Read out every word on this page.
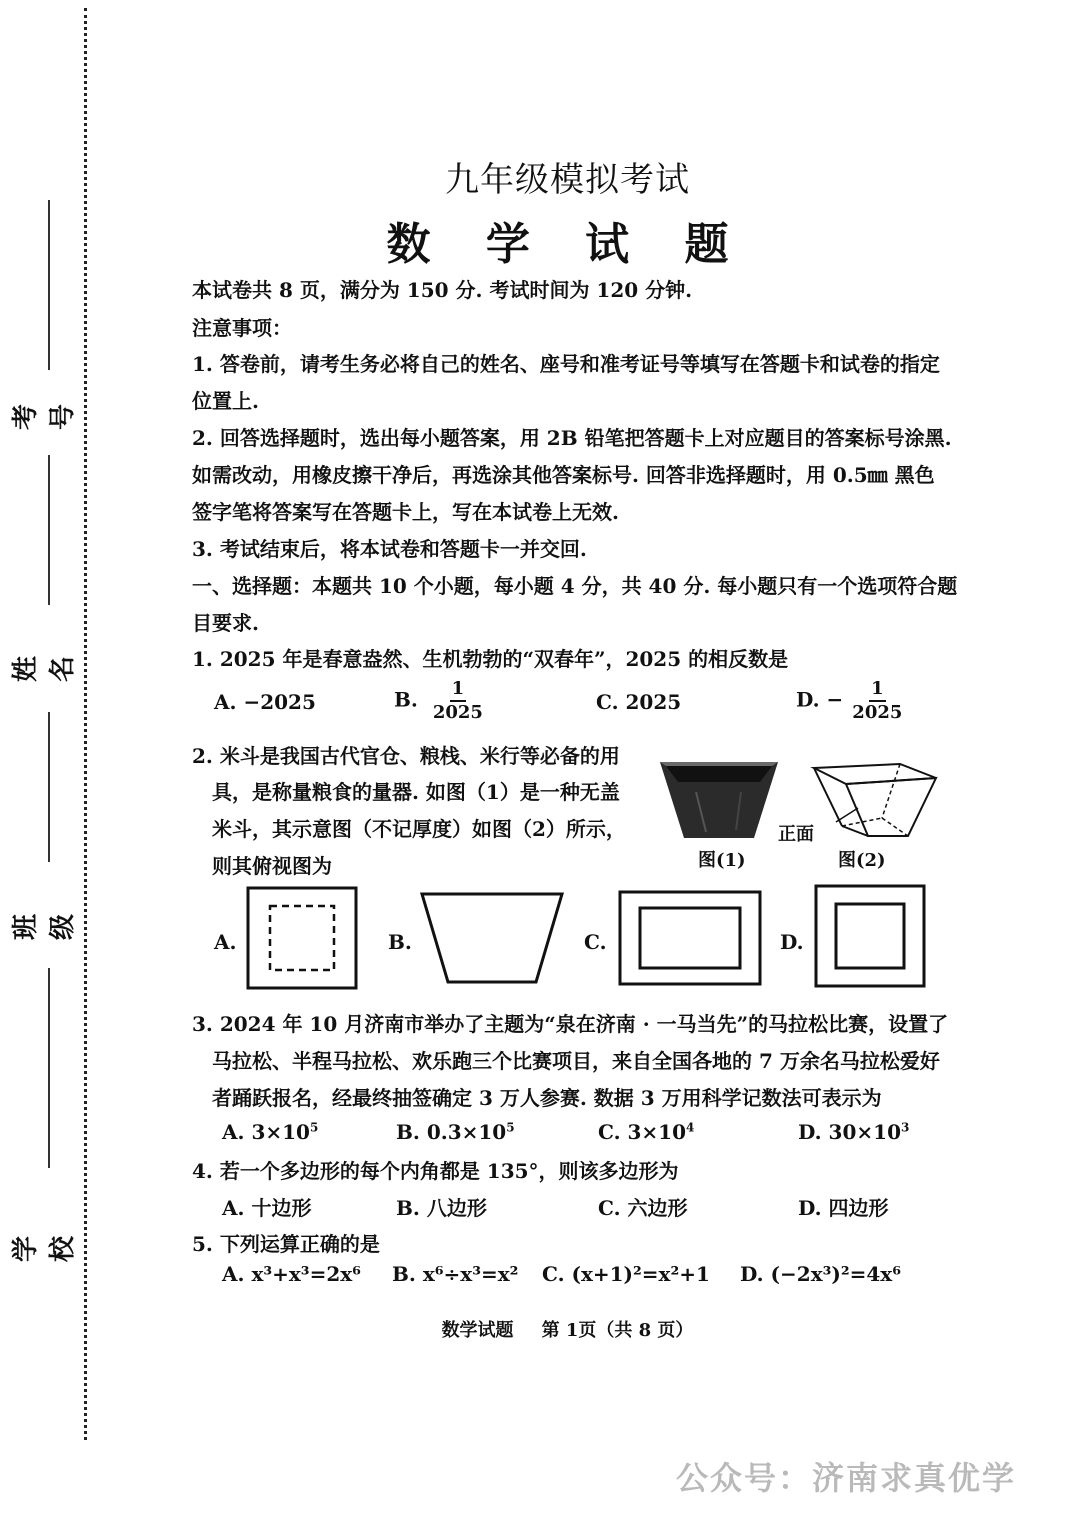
考号
姓名
班级
学校
九年级模拟考试
数 学 试 题
本试卷共 8 页，满分为 150 分. 考试时间为 120 分钟.
注意事项：
1. 答卷前，请考生务必将自己的姓名、座号和准考证号等填写在答题卡和试卷的指定
位置上.
2. 回答选择题时，选出每小题答案，用 2B 铅笔把答题卡上对应题目的答案标号涂黑.
如需改动，用橡皮擦干净后，再选涂其他答案标号. 回答非选择题时，用 0.5㎜ 黑色
签字笔将答案写在答题卡上，写在本试卷上无效.
3. 考试结束后，将本试卷和答题卡一并交回.
一、选择题：本题共 10 个小题，每小题 4 分，共 40 分. 每小题只有一个选项符合题
目要求.
1. 2025 年是春意盎然、生机勃勃的“双春年”，2025 的相反数是
A. −2025	B. $\frac{1}{2025}$	C. 2025	D. − $\frac{1}{2025}$
2. 米斗是我国古代官仓、粮栈、米行等必备的用
具，是称量粮食的量器. 如图（1）是一种无盖
米斗，其示意图（不记厚度）如图（2）所示，
则其俯视图为	图(1)
正面
图(2)
A.	B.	C.	D.
3. 2024 年 10 月济南市举办了主题为“泉在济南 · 一马当先”的马拉松比赛，设置了
马拉松、半程马拉松、欢乐跑三个比赛项目，来自全国各地的 7 万余名马拉松爱好
者踊跃报名，经最终抽签确定 3 万人参赛. 数据 3 万用科学记数法可表示为
A. $3\times 10^5$	B. $0.3\times 10^5$	C. $3\times 10^4$	D. $30\times 10^3$
4. 若一个多边形的每个内角都是 135°，则该多边形为
A. 十边形	B. 八边形	C. 六边形	D. 四边形
5. 下列运算正确的是
A. x³+x³=2x⁶ B. x⁶÷x³=x² C. (x+1)²=x²+1 D. (−2x³)²=4x⁶
数学试题 第 1页（共 8 页）
公众号：济南求真优学
